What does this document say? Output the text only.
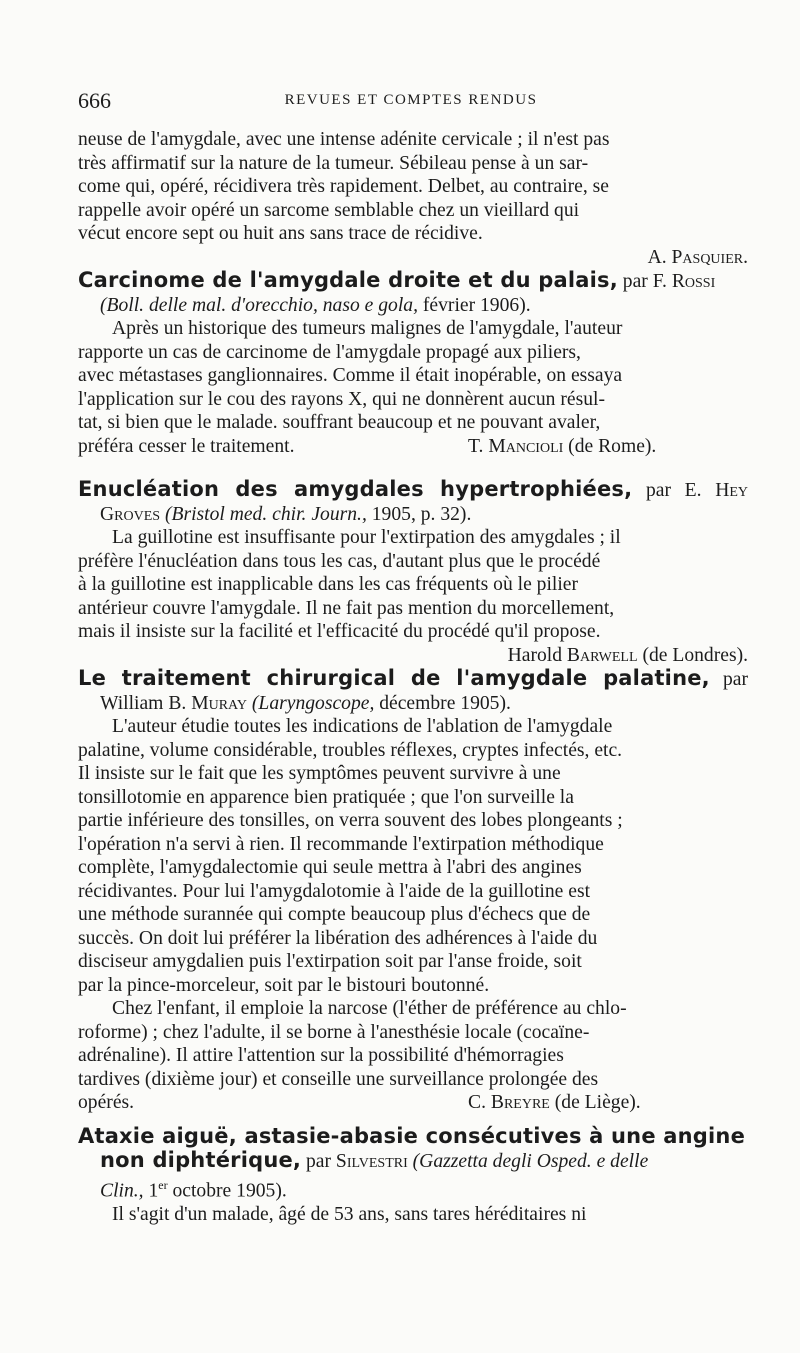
666	REVUES ET COMPTES RENDUS

neuse de l'amygdale, avec une intense adénite cervicale ; il n'est pas
très affirmatif sur la nature de la tumeur. Sébileau pense à un sar-
come qui, opéré, récidivera très rapidement. Delbet, au contraire, se
rappelle avoir opéré un sarcome semblable chez un vieillard qui
vécut encore sept ou huit ans sans trace de récidive.

A. Pasquier.

Carcinome de l'amygdale droite et du palais, par F. Rossi
(Boll. delle mal. d'orecchio, naso e gola, février 1906).

Après un historique des tumeurs malignes de l'amygdale, l'auteur
rapporte un cas de carcinome de l'amygdale propagé aux piliers,
avec métastases ganglionnaires. Comme il était inopérable, on essaya
l'application sur le cou des rayons X, qui ne donnèrent aucun résul-
tat, si bien que le malade. souffrant beaucoup et ne pouvant avaler,

préféra cesser le traitement.	T. Mancioli (de Rome).

Enucléation des amygdales hypertrophiées, par E. Hey Groves (Bristol med. chir. Journ., 1905, p. 32).

La guillotine est insuffisante pour l'extirpation des amygdales ; il
préfère l'énucléation dans tous les cas, d'autant plus que le procédé
à la guillotine est inapplicable dans les cas fréquents où le pilier
antérieur couvre l'amygdale. Il ne fait pas mention du morcellement,
mais il insiste sur la facilité et l'efficacité du procédé qu'il propose.

Harold Barwell (de Londres).

Le traitement chirurgical de l'amygdale palatine, par William B. Muray (Laryngoscope, décembre 1905).

L'auteur étudie toutes les indications de l'ablation de l'amygdale
palatine, volume considérable, troubles réflexes, cryptes infectés, etc.
Il insiste sur le fait que les symptômes peuvent survivre à une
tonsillotomie en apparence bien pratiquée ; que l'on surveille la
partie inférieure des tonsilles, on verra souvent des lobes plongeants ;
l'opération n'a servi à rien. Il recommande l'extirpation méthodique
complète, l'amygdalectomie qui seule mettra à l'abri des angines
récidivantes. Pour lui l'amygdalotomie à l'aide de la guillotine est
une méthode surannée qui compte beaucoup plus d'échecs que de
succès. On doit lui préférer la libération des adhérences à l'aide du
disciseur amygdalien puis l'extirpation soit par l'anse froide, soit
par la pince-morceleur, soit par le bistouri boutonné.

Chez l'enfant, il emploie la narcose (l'éther de préférence au chlo-
roforme) ; chez l'adulte, il se borne à l'anesthésie locale (cocaïne-
adrénaline). Il attire l'attention sur la possibilité d'hémorragies
tardives (dixième jour) et conseille une surveillance prolongée des

opérés.	C. Breyre (de Liège).

Ataxie aiguë, astasie-abasie consécutives à une angine
non diphtérique, par Silvestri (Gazzetta degli Osped. e delle
Clin., 1er octobre 1905).

Il s'agit d'un malade, âgé de 53 ans, sans tares héréditaires ni
